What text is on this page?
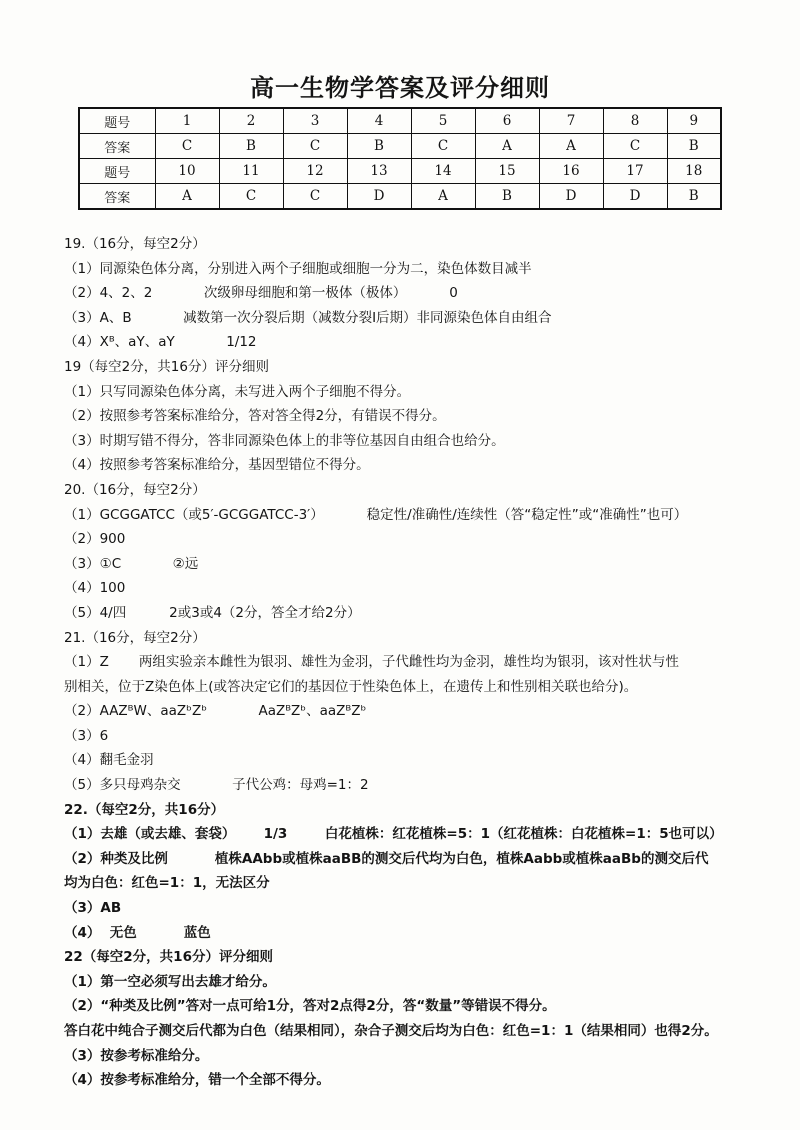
高一生物学答案及评分细则
题号	1	2	3	4	5	6	7	8	9
答案	C	B	C	B	C	A	A	C	B
题号	10	11	12	13	14	15	16	17	18
答案	A	C	C	D	A	B	D	D	B
19.（16分，每空2分）
（1）同源染色体分离，分别进入两个子细胞或细胞一分为二，染色体数目减半
（2）4、2、2            次级卵母细胞和第一极体（极体）          0
（3）A、B            减数第一次分裂后期（减数分裂Ⅰ后期）非同源染色体自由组合
（4）Xᴮ、aY、aY            1/12
19（每空2分，共16分）评分细则
（1）只写同源染色体分离，未写进入两个子细胞不得分。
（2）按照参考答案标准给分，答对答全得2分，有错误不得分。
（3）时期写错不得分，答非同源染色体上的非等位基因自由组合也给分。
（4）按照参考答案标准给分，基因型错位不得分。
20.（16分，每空2分）
（1）GCGGATCC（或5′-GCGGATCC-3′）          稳定性/准确性/连续性（答“稳定性”或“准确性”也可）
（2）900
（3）①C            ②远
（4）100
（5）4/四          2或3或4（2分，答全才给2分）
21.（16分，每空2分）
（1）Z       两组实验亲本雌性为银羽、雄性为金羽，子代雌性均为金羽，雄性均为银羽，该对性状与性
别相关，位于Z染色体上(或答决定它们的基因位于性染色体上，在遗传上和性别相关联也给分)。
（2）AAZᴮW、aaZᵇZᵇ            AaZᴮZᵇ、aaZᴮZᵇ
（3）6
（4）翻毛金羽
（5）多只母鸡杂交            子代公鸡：母鸡=1：2
22.（每空2分，共16分）
（1）去雄（或去雄、套袋）      1/3        白花植株：红花植株=5：1（红花植株：白花植株=1：5也可以）
（2）种类及比例          植株AAbb或植株aaBB的测交后代均为白色，植株Aabb或植株aaBb的测交后代
均为白色：红色=1：1，无法区分
（3）AB
（4）  无色          蓝色
22（每空2分，共16分）评分细则
（1）第一空必须写出去雄才给分。
（2）“种类及比例”答对一点可给1分，答对2点得2分，答“数量”等错误不得分。
答白花中纯合子测交后代都为白色（结果相同），杂合子测交后均为白色：红色=1：1（结果相同）也得2分。
（3）按参考标准给分。
（4）按参考标准给分，错一个全部不得分。
